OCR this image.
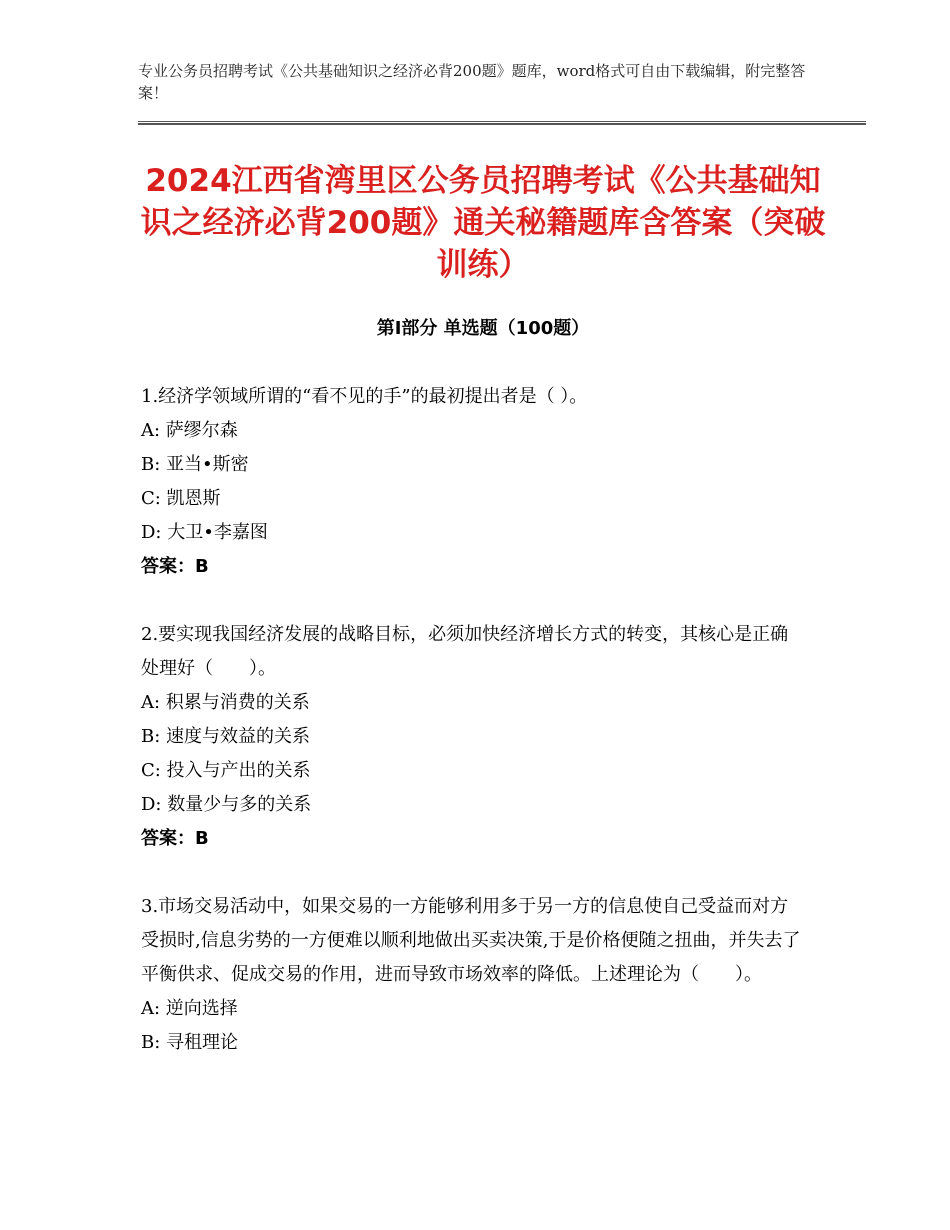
专业公务员招聘考试《公共基础知识之经济必背200题》题库，word格式可自由下载编辑，附完整答案！
2024江西省湾里区公务员招聘考试《公共基础知识之经济必背200题》通关秘籍题库含答案（突破训练）
第I部分 单选题（100题）

1.经济学领域所谓的“看不见的手”的最初提出者是（ ）。

A: 萨缪尔森

B: 亚当•斯密

C: 凯恩斯

D: 大卫•李嘉图

答案：B

2.要实现我国经济发展的战略目标，必须加快经济增长方式的转变，其核心是正确处理好（　　）。

A: 积累与消费的关系

B: 速度与效益的关系

C: 投入与产出的关系

D: 数量少与多的关系

答案：B

3.市场交易活动中，如果交易的一方能够利用多于另一方的信息使自己受益而对方受损时,信息劣势的一方便难以顺利地做出买卖决策,于是价格便随之扭曲，并失去了平衡供求、促成交易的作用，进而导致市场效率的降低。上述理论为（　　）。

A: 逆向选择

B: 寻租理论
